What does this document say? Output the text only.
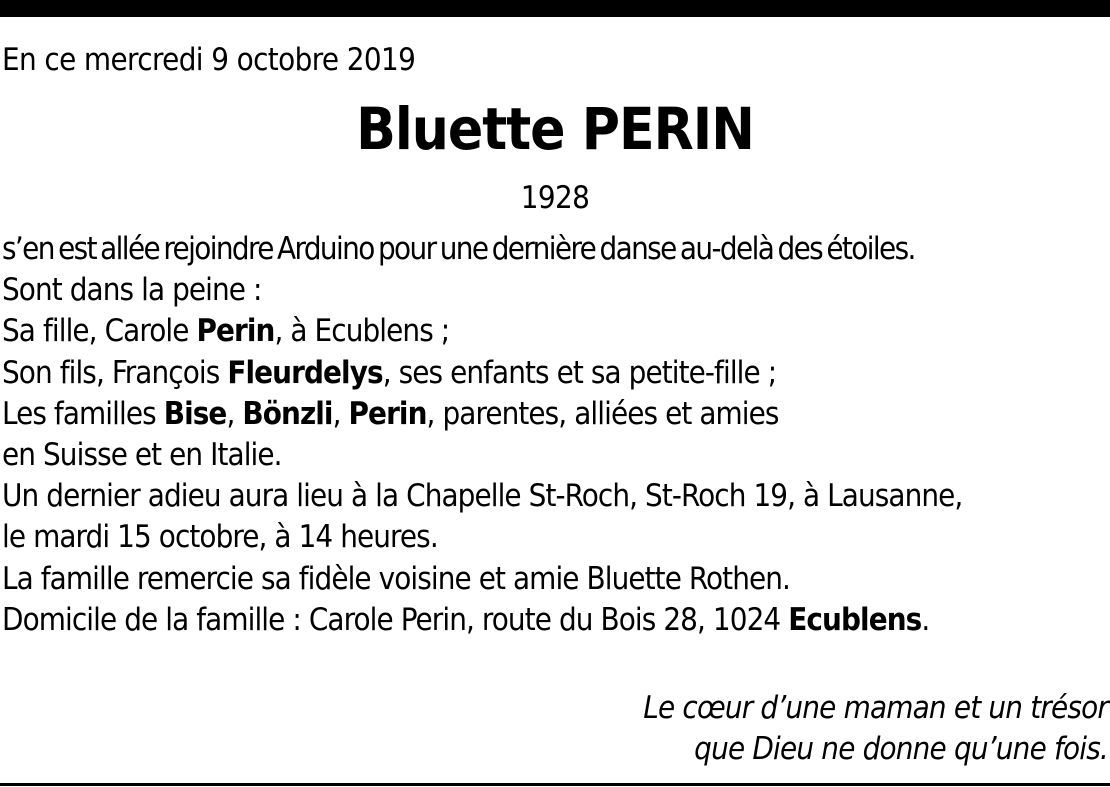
En ce mercredi 9 octobre 2019
Bluette PERIN
1928
s’en est allée rejoindre Arduino pour une dernière danse au-delà des étoiles.
Sont dans la peine :
Sa fille, Carole Perin, à Ecublens ;
Son fils, François Fleurdelys, ses enfants et sa petite-fille ;
Les familles Bise, Bönzli, Perin, parentes, alliées et amies
en Suisse et en Italie.
Un dernier adieu aura lieu à la Chapelle St-Roch, St-Roch 19, à Lausanne,
le mardi 15 octobre, à 14 heures.
La famille remercie sa fidèle voisine et amie Bluette Rothen.
Domicile de la famille : Carole Perin, route du Bois 28, 1024 Ecublens.
Le cœur d’une maman et un trésor
que Dieu ne donne qu’une fois.
